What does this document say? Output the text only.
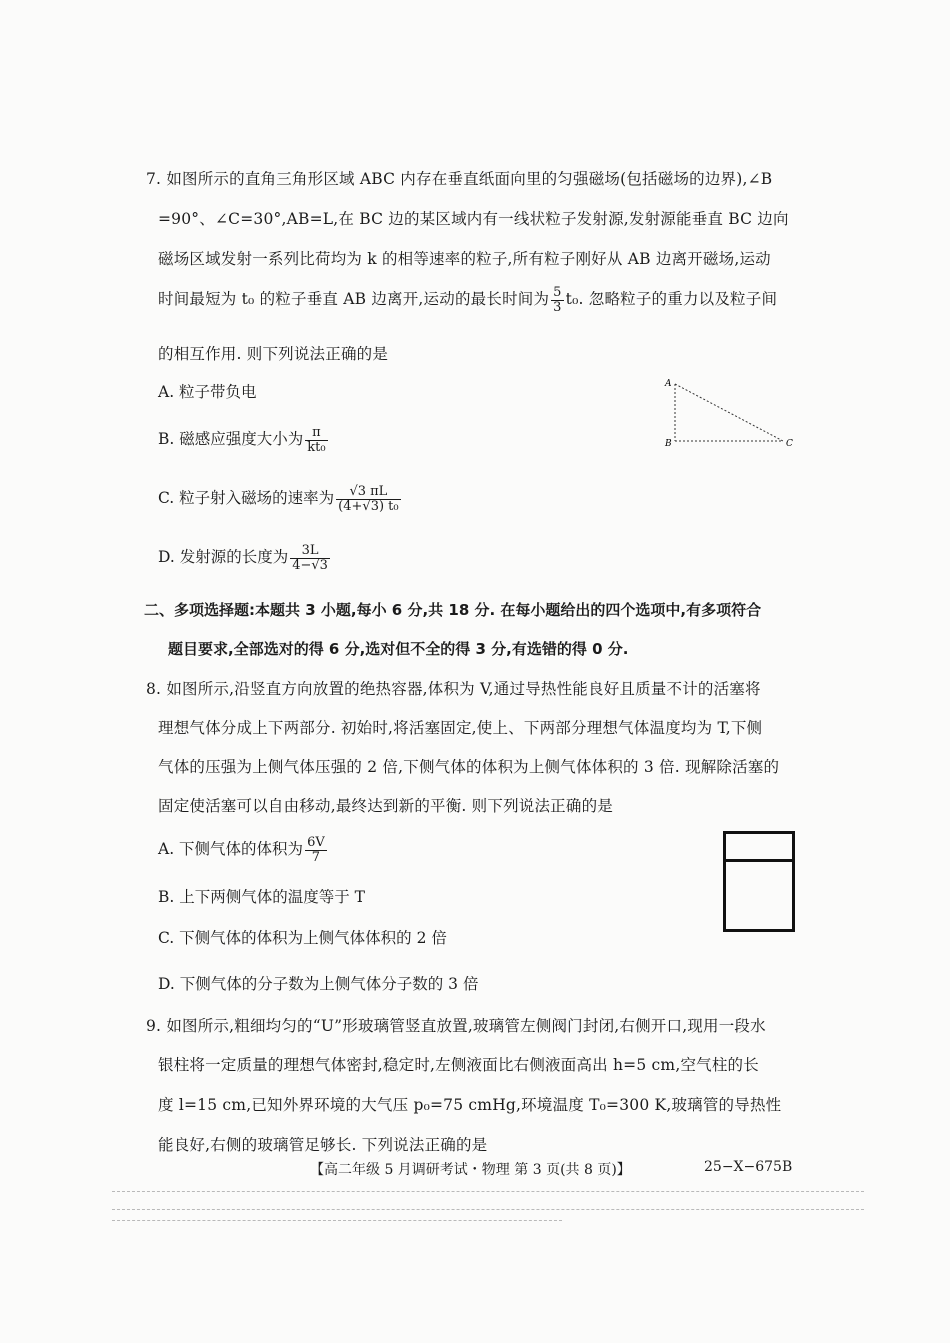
7. 如图所示的直角三角形区域 ABC 内存在垂直纸面向里的匀强磁场(包括磁场的边界),∠B
=90°、∠C=30°,AB=L,在 BC 边的某区域内有一线状粒子发射源,发射源能垂直 BC 边向
磁场区域发射一系列比荷均为 k 的相等速率的粒子,所有粒子刚好从 AB 边离开磁场,运动
时间最短为 t₀ 的粒子垂直 AB 边离开,运动的最长时间为 $\frac{5}{3} t_0$. 忽略粒子的重力以及粒子间
的相互作用. 则下列说法正确的是
A. 粒子带负电
B. 磁感应强度大小为 $\frac{\pi}{\text{kt₀}}$
C. 粒子射入磁场的速率为 $\frac{√3 \pi L}{\text{(4+√3) t₀}}$
D. 发射源的长度为 $\frac{3L}{4-√3}$
A
B	C
二、多项选择题:本题共 3 小题,每小 6 分,共 18 分. 在每小题给出的四个选项中,有多项符合
题目要求,全部选对的得 6 分,选对但不全的得 3 分,有选错的得 0 分.
8. 如图所示,沿竖直方向放置的绝热容器,体积为 V,通过导热性能良好且质量不计的活塞将
理想气体分成上下两部分. 初始时,将活塞固定,使上、下两部分理想气体温度均为 T,下侧
气体的压强为上侧气体压强的 2 倍,下侧气体的体积为上侧气体体积的 3 倍. 现解除活塞的
固定使活塞可以自由移动,最终达到新的平衡. 则下列说法正确的是
A. 下侧气体的体积为 $\frac{6V}{7}$
B. 上下两侧气体的温度等于 T
C. 下侧气体的体积为上侧气体体积的 2 倍
D. 下侧气体的分子数为上侧气体分子数的 3 倍
9. 如图所示,粗细均匀的“U”形玻璃管竖直放置,玻璃管左侧阀门封闭,右侧开口,现用一段水
银柱将一定质量的理想气体密封,稳定时,左侧液面比右侧液面高出 h=5 cm,空气柱的长
度 l=15 cm,已知外界环境的大气压 p₀=75 cmHg,环境温度 T₀=300 K,玻璃管的导热性
能良好,右侧的玻璃管足够长. 下列说法正确的是
【高二年级 5 月调研考试・物理 第 3 页(共 8 页)】	25−X−675B
